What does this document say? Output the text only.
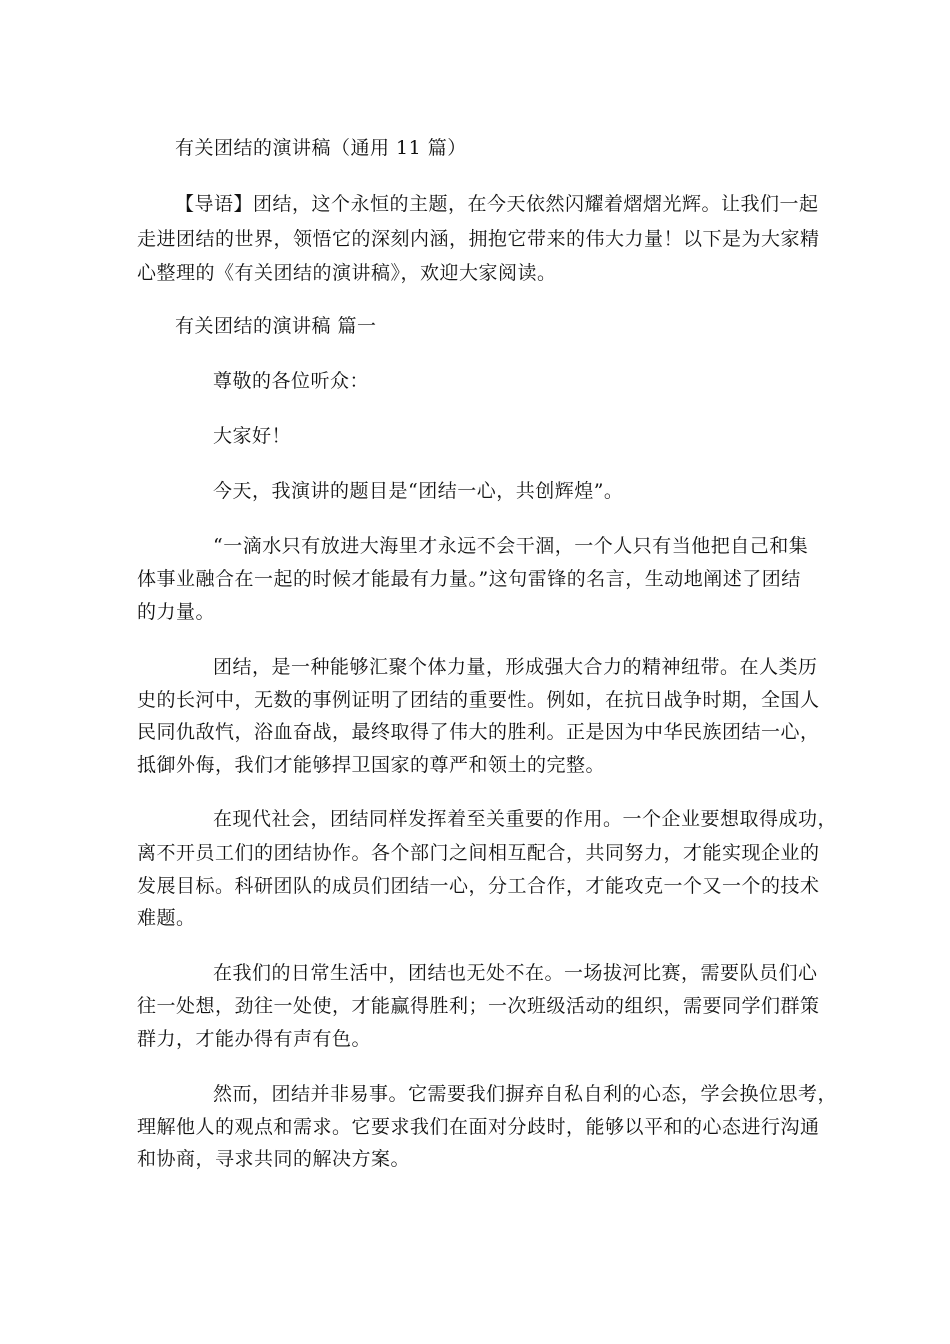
有关团结的演讲稿（通用 11 篇）
【导语】团结，这个永恒的主题，在今天依然闪耀着熠熠光辉。让我们一起
走进团结的世界，领悟它的深刻内涵，拥抱它带来的伟大力量！以下是为大家精
心整理的《有关团结的演讲稿》，欢迎大家阅读。
有关团结的演讲稿 篇一
尊敬的各位听众：
大家好！
今天，我演讲的题目是“团结一心，共创辉煌”。
“一滴水只有放进大海里才永远不会干涸，一个人只有当他把自己和集
体事业融合在一起的时候才能最有力量。”这句雷锋的名言，生动地阐述了团结
的力量。
团结，是一种能够汇聚个体力量，形成强大合力的精神纽带。在人类历
史的长河中，无数的事例证明了团结的重要性。例如，在抗日战争时期，全国人
民同仇敌忾，浴血奋战，最终取得了伟大的胜利。正是因为中华民族团结一心，
抵御外侮，我们才能够捍卫国家的尊严和领土的完整。
在现代社会，团结同样发挥着至关重要的作用。一个企业要想取得成功，
离不开员工们的团结协作。各个部门之间相互配合，共同努力，才能实现企业的
发展目标。科研团队的成员们团结一心，分工合作，才能攻克一个又一个的技术
难题。
在我们的日常生活中，团结也无处不在。一场拔河比赛，需要队员们心
往一处想，劲往一处使，才能赢得胜利；一次班级活动的组织，需要同学们群策
群力，才能办得有声有色。
然而，团结并非易事。它需要我们摒弃自私自利的心态，学会换位思考，
理解他人的观点和需求。它要求我们在面对分歧时，能够以平和的心态进行沟通
和协商，寻求共同的解决方案。
